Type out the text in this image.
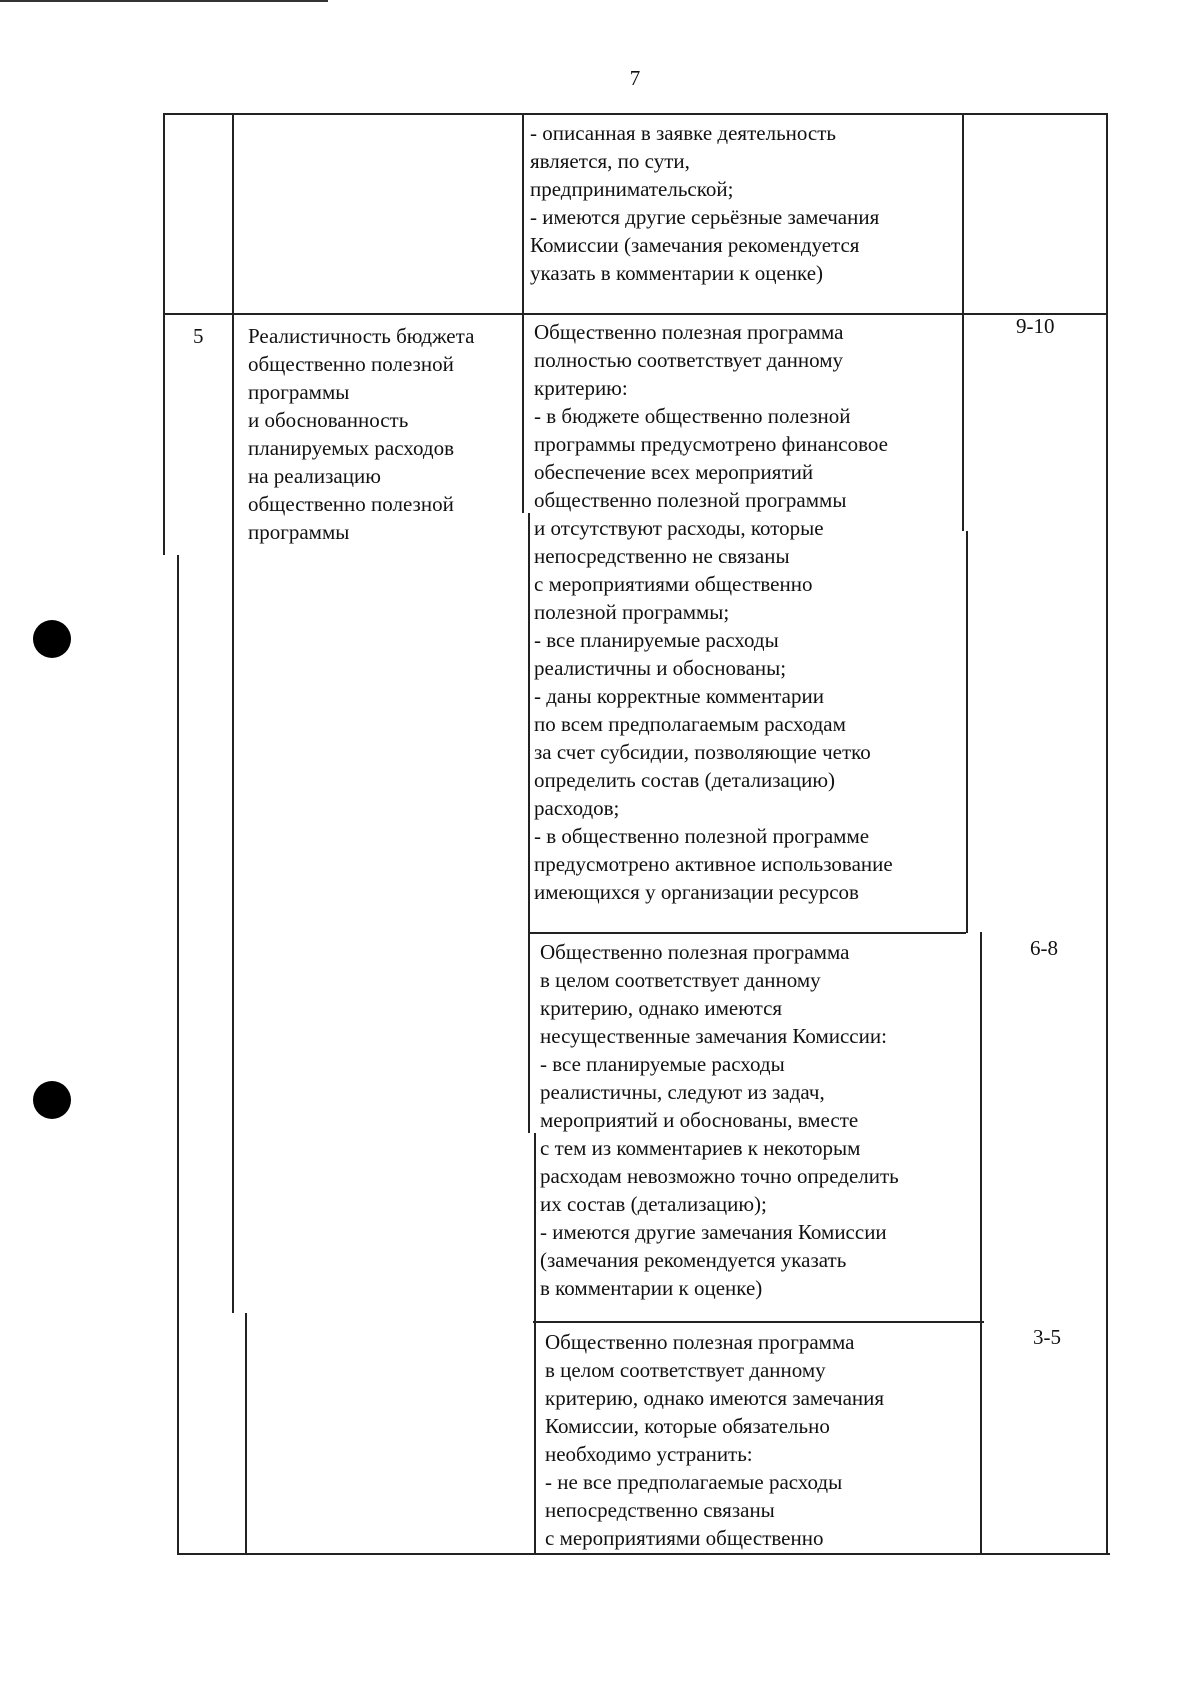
7

- описанная в заявке деятельность
является, по сути,
предпринимательской;
- имеются другие серьёзные замечания
Комиссии (замечания рекомендуется
указать в комментарии к оценке)

5 Реалистичность бюджета
общественно полезной
программы
и обоснованность
планируемых расходов
на реализацию
общественно полезной
программы

Общественно полезная программа
полностью соответствует данному
критерию:
- в бюджете общественно полезной
программы предусмотрено финансовое
обеспечение всех мероприятий
общественно полезной программы
и отсутствуют расходы, которые
непосредственно не связаны
с мероприятиями общественно
полезной программы;
- все планируемые расходы
реалистичны и обоснованы;
- даны корректные комментарии
по всем предполагаемым расходам
за счет субсидии, позволяющие четко
определить состав (детализацию)
расходов;
- в общественно полезной программе
предусмотрено активное использование
имеющихся у организации ресурсов

9-10

Общественно полезная программа
в целом соответствует данному
критерию, однако имеются
несущественные замечания Комиссии:
- все планируемые расходы
реалистичны, следуют из задач,
мероприятий и обоснованы, вместе
с тем из комментариев к некоторым
расходам невозможно точно определить
их состав (детализацию);
- имеются другие замечания Комиссии
(замечания рекомендуется указать
в комментарии к оценке)

6-8

Общественно полезная программа
в целом соответствует данному
критерию, однако имеются замечания
Комиссии, которые обязательно
необходимо устранить:
- не все предполагаемые расходы
непосредственно связаны
с мероприятиями общественно

3-5
